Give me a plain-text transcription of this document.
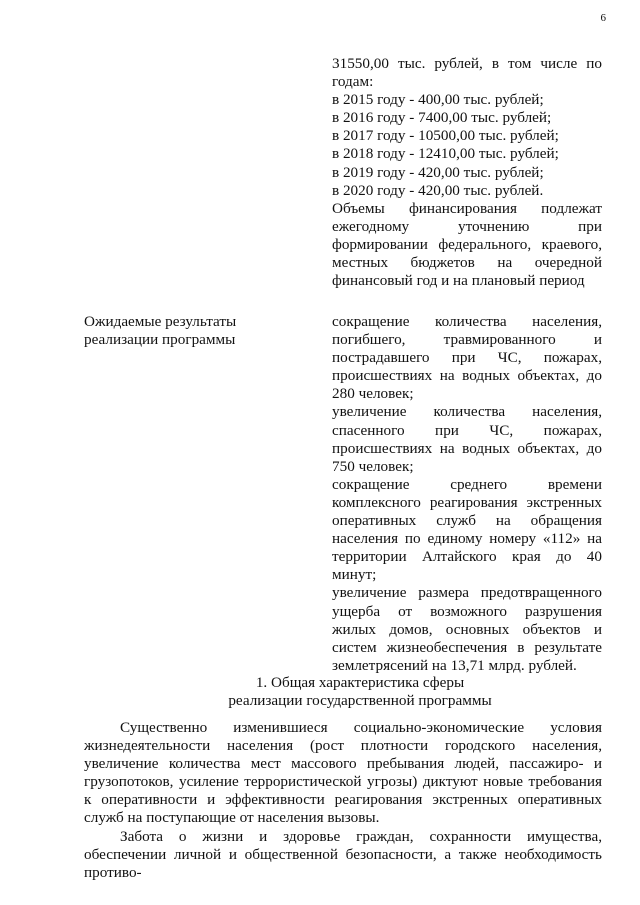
6
31550,00 тыс. рублей, в том числе по годам:
в 2015 году - 400,00 тыс. рублей;
в 2016 году - 7400,00 тыс. рублей;
в 2017 году - 10500,00 тыс. рублей;
в 2018 году - 12410,00 тыс. рублей;
в 2019 году - 420,00 тыс. рублей;
в 2020 году - 420,00 тыс. рублей.
Объемы финансирования подлежат ежегодному уточнению при формировании федерального, краевого, местных бюджетов на очередной финансовый год и на плановый период
Ожидаемые результаты реализации программы
сокращение количества населения, погибшего, травмированного и пострадавшего при ЧС, пожарах, происшествиях на водных объектах, до 280 человек;
увеличение количества населения, спасенного при ЧС, пожарах, происшествиях на водных объектах, до 750 человек;
сокращение среднего времени комплексного реагирования экстренных оперативных служб на обращения населения по единому номеру «112» на территории Алтайского края до 40 минут;
увеличение размера предотвращенного ущерба от возможного разрушения жилых домов, основных объектов и систем жизнеобеспечения в результате землетрясений на 13,71 млрд. рублей.
1. Общая характеристика сферы
реализации государственной программы

Существенно изменившиеся социально-экономические условия жизнедеятельности населения (рост плотности городского населения, увеличение количества мест массового пребывания людей, пассажиро- и грузопотоков, усиление террористической угрозы) диктуют новые требования к оперативности и эффективности реагирования экстренных оперативных служб на поступающие от населения вызовы.

Забота о жизни и здоровье граждан, сохранности имущества, обеспечении личной и общественной безопасности, а также необходимость противо-
